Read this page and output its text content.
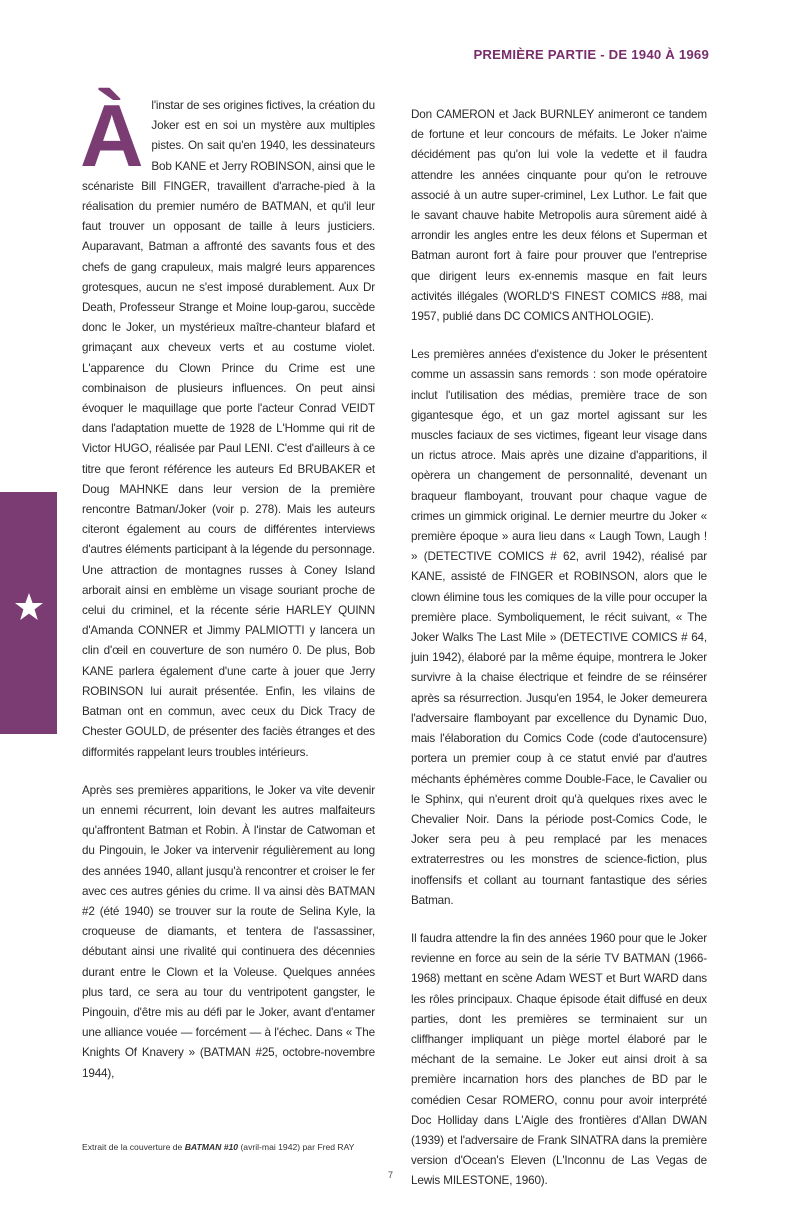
PREMIÈRE PARTIE - DE 1940 À 1969

Àl'instar de ses origines fictives, la création du Joker est en soi un mystère aux multiples pistes. On sait qu'en 1940, les dessinateurs Bob KANE et Jerry ROBINSON, ainsi que le scénariste Bill FINGER, travaillent d'arrache-pied à la réalisation du premier numéro de BATMAN, et qu'il leur faut trouver un opposant de taille à leurs justiciers. Auparavant, Batman a affronté des savants fous et des chefs de gang crapuleux, mais malgré leurs apparences grotesques, aucun ne s'est imposé durablement. Aux Dr Death, Professeur Strange et Moine loup-garou, succède donc le Joker, un mystérieux maître-chanteur blafard et grimaçant aux cheveux verts et au costume violet. L'apparence du Clown Prince du Crime est une combinaison de plusieurs influences. On peut ainsi évoquer le maquillage que porte l'acteur Conrad VEIDT dans l'adaptation muette de 1928 de L'Homme qui rit de Victor HUGO, réalisée par Paul LENI. C'est d'ailleurs à ce titre que feront référence les auteurs Ed BRUBAKER et Doug MAHNKE dans leur version de la première rencontre Batman/Joker (voir p. 278). Mais les auteurs citeront également au cours de différentes interviews d'autres éléments participant à la légende du personnage. Une attraction de montagnes russes à Coney Island arborait ainsi en emblème un visage souriant proche de celui du criminel, et la récente série HARLEY QUINN d'Amanda CONNER et Jimmy PALMIOTTI y lancera un clin d'œil en couverture de son numéro 0. De plus, Bob KANE parlera également d'une carte à jouer que Jerry ROBINSON lui aurait présentée. Enfin, les vilains de Batman ont en commun, avec ceux du Dick Tracy de Chester GOULD, de présenter des faciès étranges et des difformités rappelant leurs troubles intérieurs.

Après ses premières apparitions, le Joker va vite devenir un ennemi récurrent, loin devant les autres malfaiteurs qu'affrontent Batman et Robin. À l'instar de Catwoman et du Pingouin, le Joker va intervenir régulièrement au long des années 1940, allant jusqu'à rencontrer et croiser le fer avec ces autres génies du crime. Il va ainsi dès BATMAN #2 (été 1940) se trouver sur la route de Selina Kyle, la croqueuse de diamants, et tentera de l'assassiner, débutant ainsi une rivalité qui continuera des décennies durant entre le Clown et la Voleuse. Quelques années plus tard, ce sera au tour du ventripotent gangster, le Pingouin, d'être mis au défi par le Joker, avant d'entamer une alliance vouée — forcément — à l'échec. Dans « The Knights Of Knavery » (BATMAN #25, octobre-novembre 1944),

Don CAMERON et Jack BURNLEY animeront ce tandem de fortune et leur concours de méfaits. Le Joker n'aime décidément pas qu'on lui vole la vedette et il faudra attendre les années cinquante pour qu'on le retrouve associé à un autre super-criminel, Lex Luthor. Le fait que le savant chauve habite Metropolis aura sûrement aidé à arrondir les angles entre les deux félons et Superman et Batman auront fort à faire pour prouver que l'entreprise que dirigent leurs ex-ennemis masque en fait leurs activités illégales (WORLD'S FINEST COMICS #88, mai 1957, publié dans DC COMICS ANTHOLOGIE).

Les premières années d'existence du Joker le présentent comme un assassin sans remords : son mode opératoire inclut l'utilisation des médias, première trace de son gigantesque égo, et un gaz mortel agissant sur les muscles faciaux de ses victimes, figeant leur visage dans un rictus atroce. Mais après une dizaine d'apparitions, il opèrera un changement de personnalité, devenant un braqueur flamboyant, trouvant pour chaque vague de crimes un gimmick original. Le dernier meurtre du Joker « première époque » aura lieu dans « Laugh Town, Laugh ! » (DETECTIVE COMICS # 62, avril 1942), réalisé par KANE, assisté de FINGER et ROBINSON, alors que le clown élimine tous les comiques de la ville pour occuper la première place. Symboliquement, le récit suivant, « The Joker Walks The Last Mile » (DETECTIVE COMICS # 64, juin 1942), élaboré par la même équipe, montrera le Joker survivre à la chaise électrique et feindre de se réinsérer après sa résurrection. Jusqu'en 1954, le Joker demeurera l'adversaire flamboyant par excellence du Dynamic Duo, mais l'élaboration du Comics Code (code d'autocensure) portera un premier coup à ce statut envié par d'autres méchants éphémères comme Double-Face, le Cavalier ou le Sphinx, qui n'eurent droit qu'à quelques rixes avec le Chevalier Noir. Dans la période post-Comics Code, le Joker sera peu à peu remplacé par les menaces extraterrestres ou les monstres de science-fiction, plus inoffensifs et collant au tournant fantastique des séries Batman.

Il faudra attendre la fin des années 1960 pour que le Joker revienne en force au sein de la série TV BATMAN (1966-1968) mettant en scène Adam WEST et Burt WARD dans les rôles principaux. Chaque épisode était diffusé en deux parties, dont les premières se terminaient sur un cliffhanger impliquant un piège mortel élaboré par le méchant de la semaine. Le Joker eut ainsi droit à sa première incarnation hors des planches de BD par le comédien Cesar ROMERO, connu pour avoir interprété Doc Holliday dans L'Aigle des frontières d'Allan DWAN (1939) et l'adversaire de Frank SINATRA dans la première version d'Ocean's Eleven (L'Inconnu de Las Vegas de Lewis MILESTONE, 1960).

Extrait de la couverture de BATMAN #10 (avril-mai 1942) par Fred RAY
7
